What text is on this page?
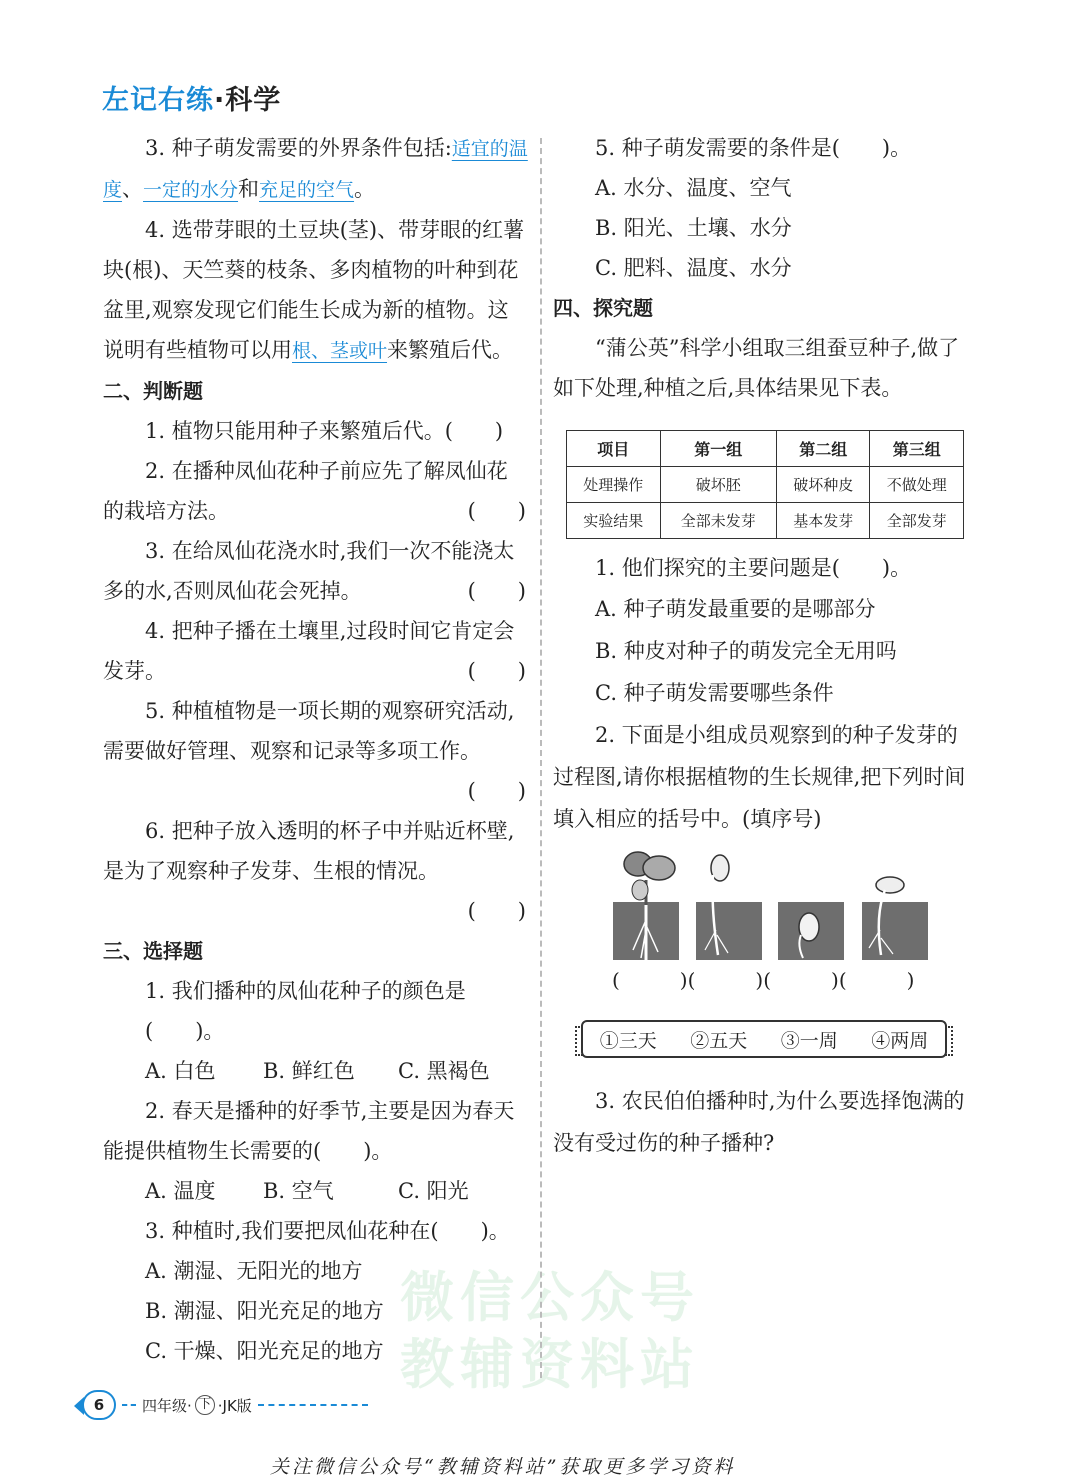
左记右练·科学
微信公众号
教辅资料站
3. 种子萌发需要的外界条件包括:适宜的温度、一定的水分和充足的空气。
4. 选带芽眼的土豆块(茎)、带芽眼的红薯块(根)、天竺葵的枝条、多肉植物的叶种到花盆里,观察发现它们能生长成为新的植物。这说明有些植物可以用根、茎或叶来繁殖后代。
二、判断题
1. 植物只能用种子来繁殖后代。(　　)
2. 在播种凤仙花种子前应先了解凤仙花的栽培方法。	(　　)
3. 在给凤仙花浇水时,我们一次不能浇太多的水,否则凤仙花会死掉。	(　　)
4. 把种子播在土壤里,过段时间它肯定会发芽。	(　　)
5. 种植植物是一项长期的观察研究活动,需要做好管理、观察和记录等多项工作。
(　　)
6. 把种子放入透明的杯子中并贴近杯壁,是为了观察种子发芽、生根的情况。
(　　)
三、选择题
1. 我们播种的凤仙花种子的颜色是(　　)。
A. 白色	B. 鲜红色	C. 黑褐色
2. 春天是播种的好季节,主要是因为春天能提供植物生长需要的(　　)。
A. 温度	B. 空气	C. 阳光
3. 种植时,我们要把凤仙花种在(　　)。
A. 潮湿、无阳光的地方
B. 潮湿、阳光充足的地方
C. 干燥、阳光充足的地方
5. 种子萌发需要的条件是(　　)。
A. 水分、温度、空气
B. 阳光、土壤、水分
C. 肥料、温度、水分
四、探究题
“蒲公英”科学小组取三组蚕豆种子,做了如下处理,种植之后,具体结果见下表。
项目	第一组	第二组	第三组
处理操作	破坏胚	破坏种皮	不做处理
实验结果	全部未发芽	基本发芽	全部发芽
1. 他们探究的主要问题是(　　)。
A. 种子萌发最重要的是哪部分
B. 种皮对种子的萌发完全无用吗
C. 种子萌发需要哪些条件
2. 下面是小组成员观察到的种子发芽的过程图,请你根据植物的生长规律,把下列时间填入相应的括号中。(填序号)
(　　　)(　　　)(　　　)(　　　)
①三天 ②五天 ③一周 ④两周
3. 农民伯伯播种时,为什么要选择饱满的没有受过伤的种子播种?
6	四年级· 下 ·JK版
关注微信公众号“教辅资料站”获取更多学习资料
